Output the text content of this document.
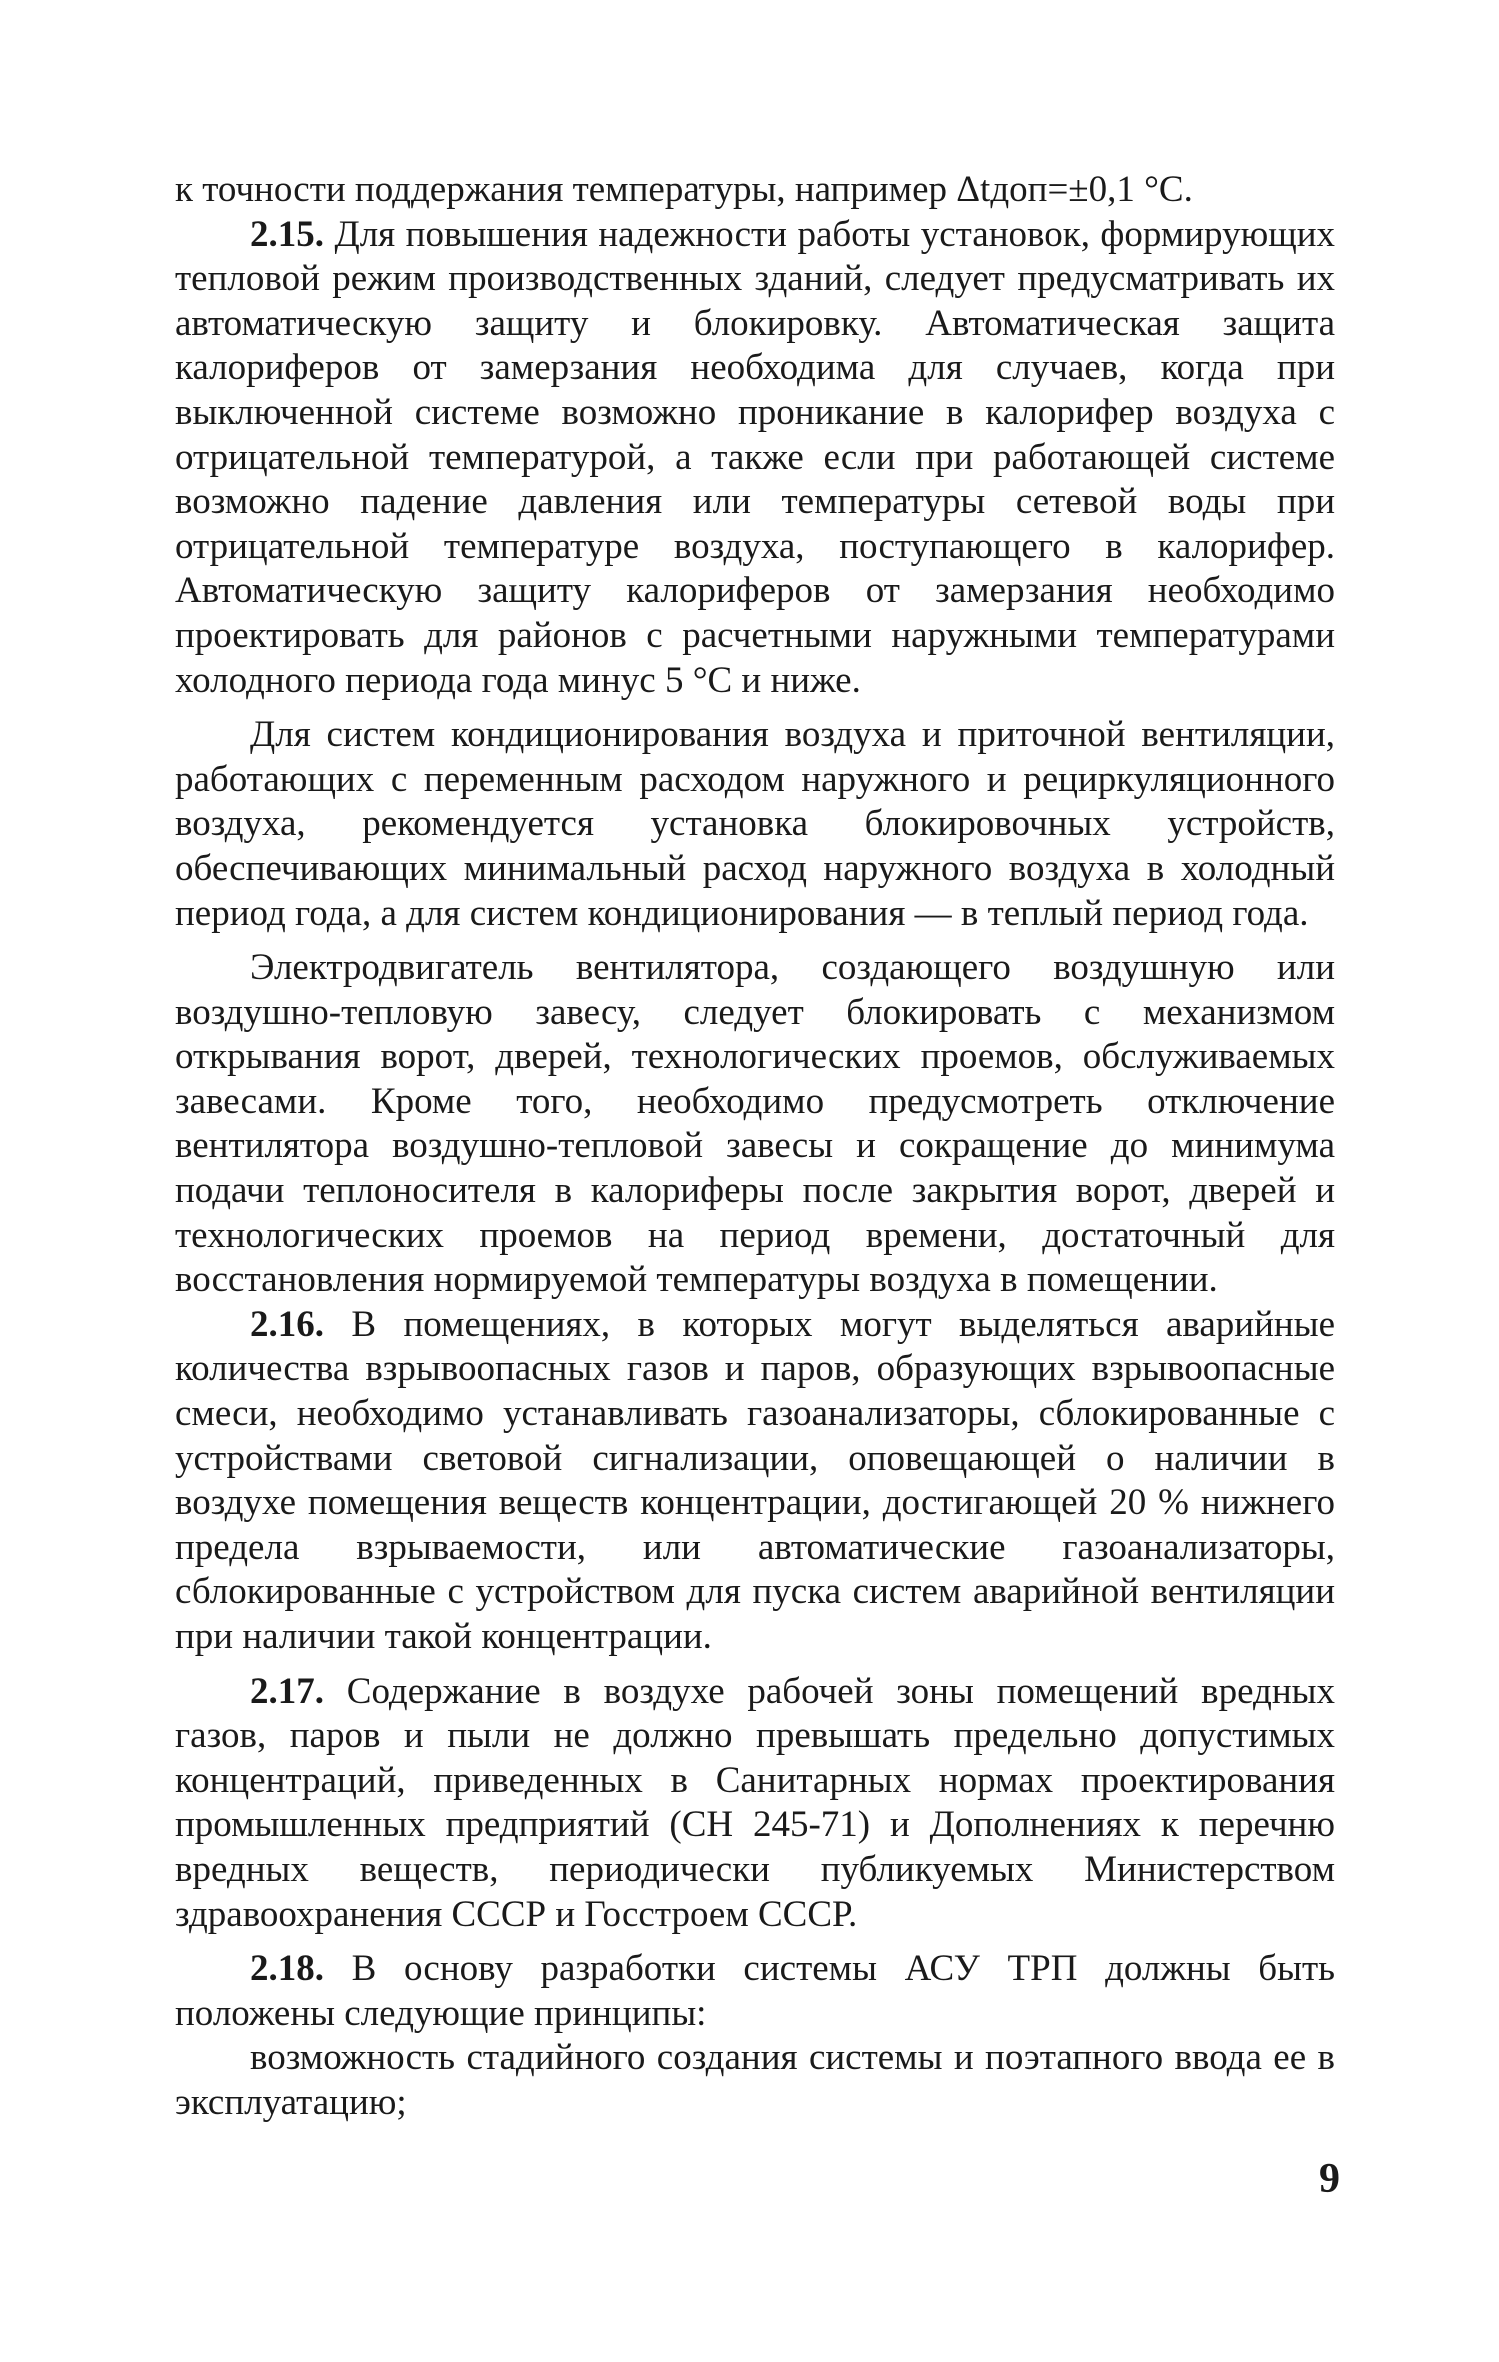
к точности поддержания температуры, например Δtдоп=±0,1 °С.

2.15. Для повышения надежности работы установок, формирующих тепловой режим производственных зданий, следует предусматривать их автоматическую защиту и блокировку. Автоматическая защита калориферов от замерзания необходима для случаев, когда при выключенной системе возможно проникание в калорифер воздуха с отрицательной температурой, а также если при работающей системе возможно падение давления или температуры сетевой воды при отрицательной температуре воздуха, поступающего в калорифер. Автоматическую защиту калориферов от замерзания необходимо проектировать для районов с расчетными наружными температурами холодного периода года минус 5 °С и ниже.

Для систем кондиционирования воздуха и приточной вентиляции, работающих с переменным расходом наружного и рециркуляционного воздуха, рекомендуется установка блокировочных устройств, обеспечивающих минимальный расход наружного воздуха в холодный период года, а для систем кондиционирования — в теплый период года.

Электродвигатель вентилятора, создающего воздушную или воздушно-тепловую завесу, следует блокировать с механизмом открывания ворот, дверей, технологических проемов, обслуживаемых завесами. Кроме того, необходимо предусмотреть отключение вентилятора воздушно-тепловой завесы и сокращение до минимума подачи теплоносителя в калориферы после закрытия ворот, дверей и технологических проемов на период времени, достаточный для восстановления нормируемой температуры воздуха в помещении.

2.16. В помещениях, в которых могут выделяться аварийные количества взрывоопасных газов и паров, образующих взрывоопасные смеси, необходимо устанавливать газоанализаторы, сблокированные с устройствами световой сигнализации, оповещающей о наличии в воздухе помещения веществ концентрации, достигающей 20 % нижнего предела взрываемости, или автоматические газоанализаторы, сблокированные с устройством для пуска систем аварийной вентиляции при наличии такой концентрации.

2.17. Содержание в воздухе рабочей зоны помещений вредных газов, паров и пыли не должно превышать предельно допустимых концентраций, приведенных в Санитарных нормах проектирования промышленных предприятий (СН 245-71) и Дополнениях к перечню вредных веществ, периодически публикуемых Министерством здравоохранения СССР и Госстроем СССР.

2.18. В основу разработки системы АСУ ТРП должны быть положены следующие принципы:

возможность стадийного создания системы и поэтапного ввода ее в эксплуатацию;

9
